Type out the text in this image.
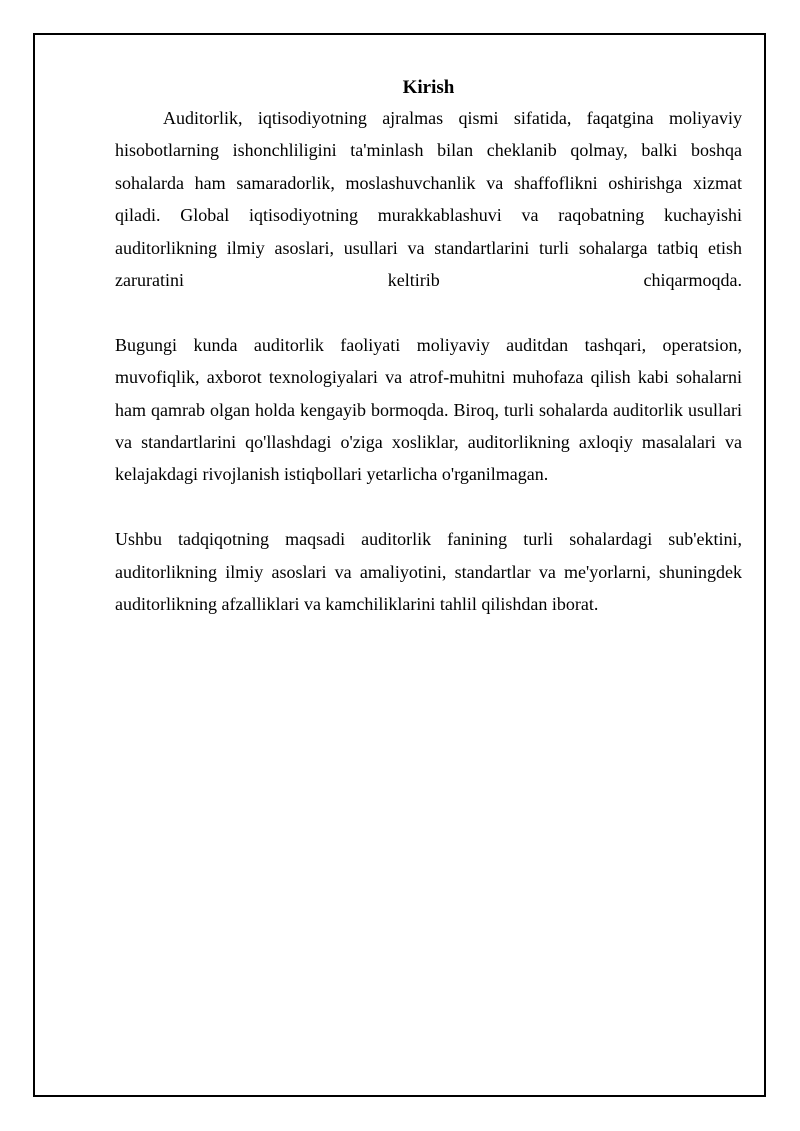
Kirish

Auditorlik, iqtisodiyotning ajralmas qismi sifatida, faqatgina moliyaviy hisobotlarning ishonchliligini ta'minlash bilan cheklanib qolmay, balki boshqa sohalarda ham samaradorlik, moslashuvchanlik va shaffoflikni oshirishga xizmat qiladi. Global iqtisodiyotning murakkablashuvi va raqobatning kuchayishi auditorlikning ilmiy asoslari, usullari va standartlarini turli sohalarga tatbiq etish zaruratini keltirib chiqarmoqda.

Bugungi kunda auditorlik faoliyati moliyaviy auditdan tashqari, operatsion, muvofiqlik, axborot texnologiyalari va atrof-muhitni muhofaza qilish kabi sohalarni ham qamrab olgan holda kengayib bormoqda. Biroq, turli sohalarda auditorlik usullari va standartlarini qo'llashdagi o'ziga xosliklar, auditorlikning axloqiy masalalari va kelajakdagi rivojlanish istiqbollari yetarlicha o'rganilmagan.

Ushbu tadqiqotning maqsadi auditorlik fanining turli sohalardagi sub'ektini, auditorlikning ilmiy asoslari va amaliyotini, standartlar va me'yorlarni, shuningdek auditorlikning afzalliklari va kamchiliklarini tahlil qilishdan iborat.
